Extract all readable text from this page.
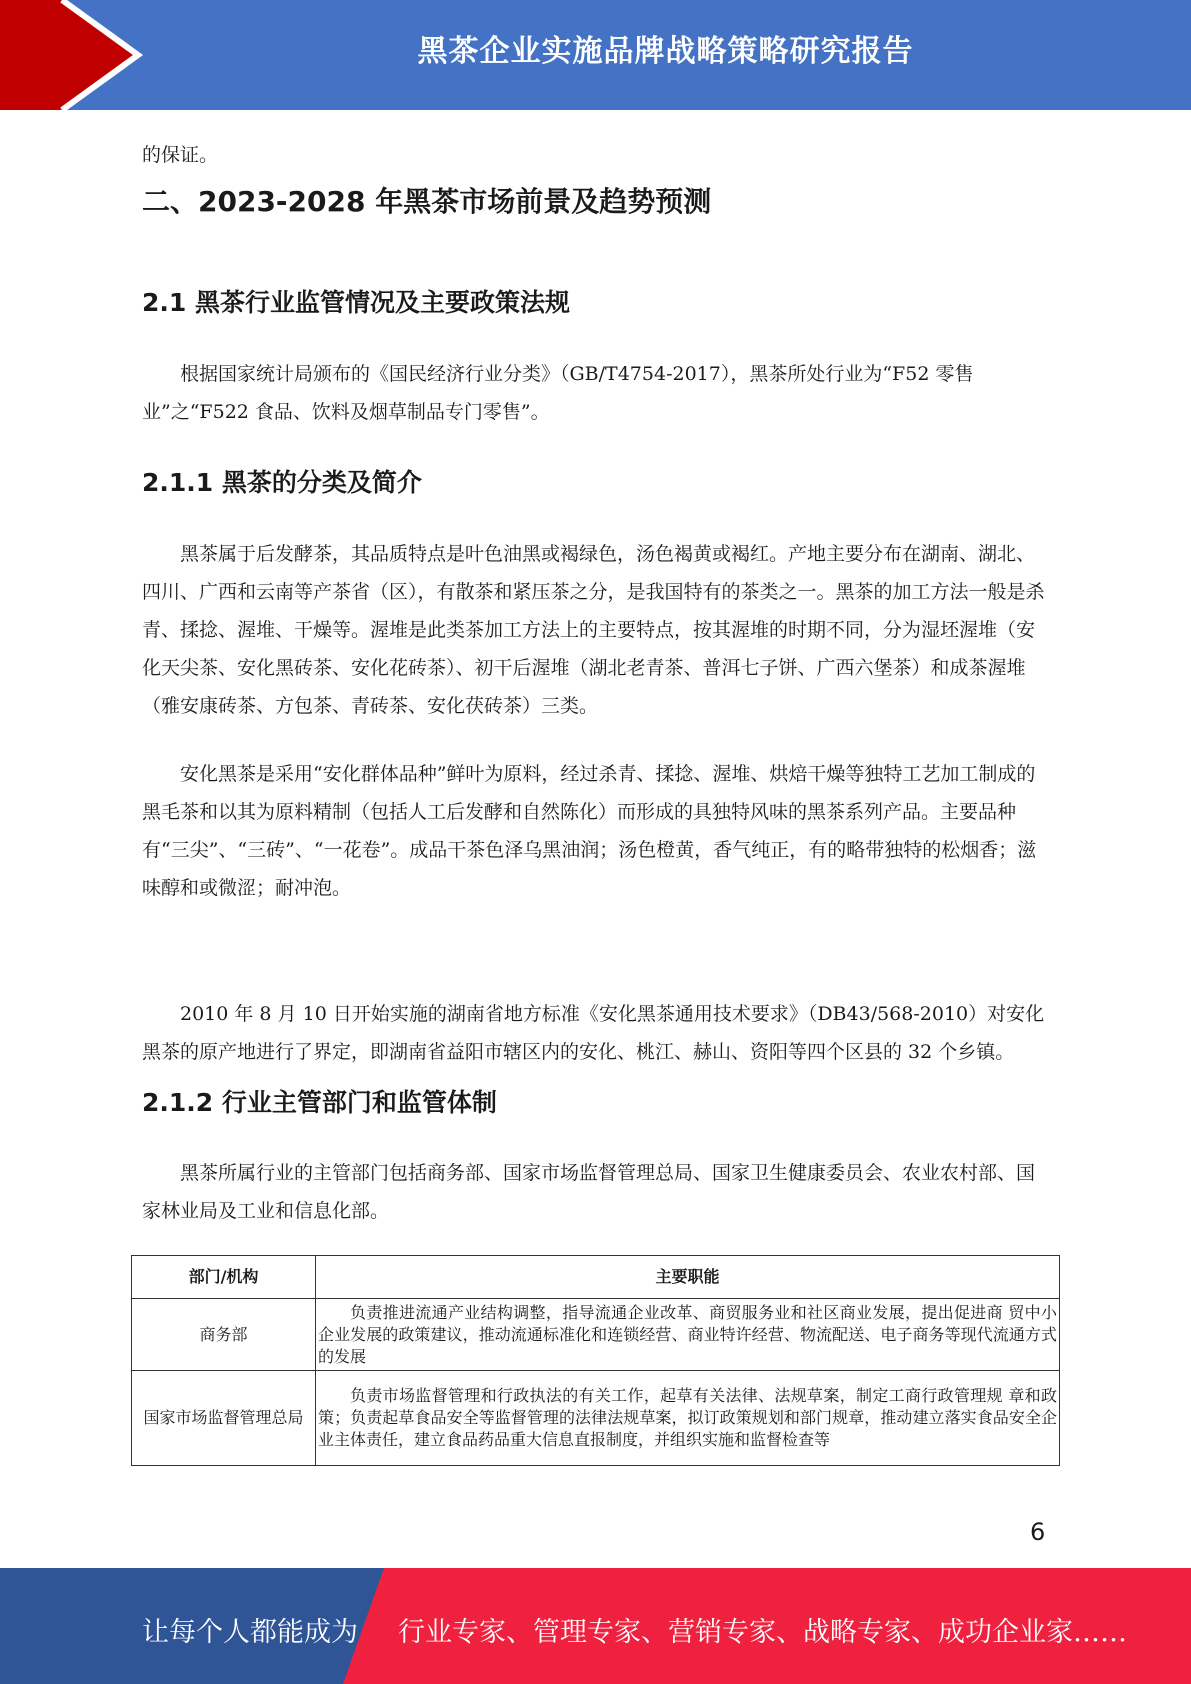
黑茶企业实施品牌战略策略研究报告

的保证。

二、2023-2028 年黑茶市场前景及趋势预测
2.1 黑茶行业监管情况及主要政策法规

根据国家统计局颁布的《国民经济行业分类》（GB/T4754-2017），黑茶所处行业为“F52 零售业”之“F522 食品、饮料及烟草制品专门零售”。

2.1.1 黑茶的分类及简介

黑茶属于后发酵茶，其品质特点是叶色油黑或褐绿色，汤色褐黄或褐红。产地主要分布在湖南、湖北、四川、广西和云南等产茶省（区），有散茶和紧压茶之分，是我国特有的茶类之一。黑茶的加工方法一般是杀青、揉捻、渥堆、干燥等。渥堆是此类茶加工方法上的主要特点，按其渥堆的时期不同，分为湿坯渥堆（安化天尖茶、安化黑砖茶、安化花砖茶）、初干后渥堆（湖北老青茶、普洱七子饼、广西六堡茶）和成茶渥堆（雅安康砖茶、方包茶、青砖茶、安化茯砖茶）三类。

安化黑茶是采用“安化群体品种”鲜叶为原料，经过杀青、揉捻、渥堆、烘焙干燥等独特工艺加工制成的黑毛茶和以其为原料精制（包括人工后发酵和自然陈化）而形成的具独特风味的黑茶系列产品。主要品种有“三尖”、“三砖”、“一花卷”。成品干茶色泽乌黑油润；汤色橙黄，香气纯正，有的略带独特的松烟香；滋味醇和或微涩；耐冲泡。

2010 年 8 月 10 日开始实施的湖南省地方标准《安化黑茶通用技术要求》（DB43/568-2010）对安化黑茶的原产地进行了界定，即湖南省益阳市辖区内的安化、桃江、赫山、资阳等四个区县的 32 个乡镇。

2.1.2 行业主管部门和监管体制

黑茶所属行业的主管部门包括商务部、国家市场监督管理总局、国家卫生健康委员会、农业农村部、国家林业局及工业和信息化部。

部门/机构	主要职能
商务部	负责推进流通产业结构调整，指导流通企业改革、商贸服务业和社区商业发展，提出促进商 贸中小企业发展的政策建议，推动流通标准化和连锁经营、商业特许经营、物流配送、电子商务等现代流通方式的发展

国家市场监督管理总局	负责市场监督管理和行政执法的有关工作，起草有关法律、法规草案，制定工商行政管理规 章和政策；负责起草食品安全等监督管理的法律法规草案，拟订政策规划和部门规章，推动建立落实食品安全企业主体责任，建立食品药品重大信息直报制度，并组织实施和监督检查等
6
让每个人都能成为 行业专家、管理专家、营销专家、战略专家、成功企业家……
